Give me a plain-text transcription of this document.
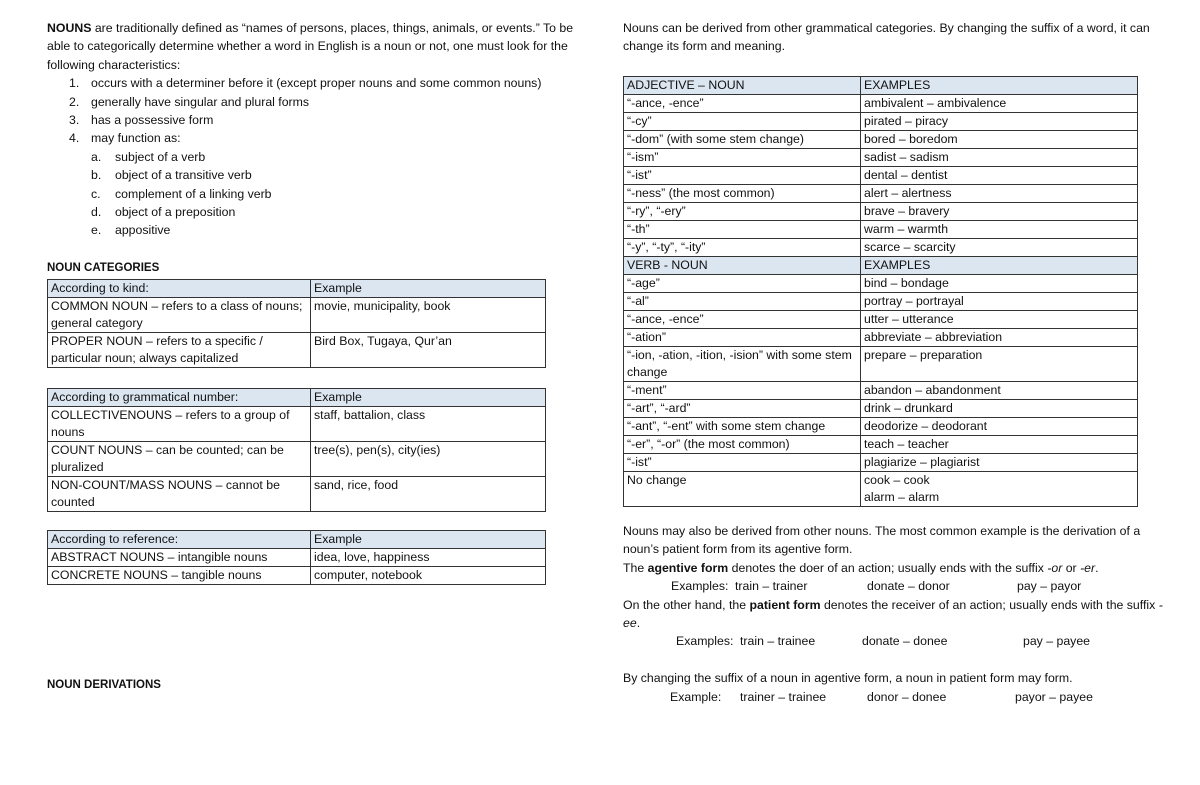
NOUNS are traditionally defined as “names of persons, places, things, animals, or events.” To be able to categorically determine whether a word in English is a noun or not, one must look for the following characteristics:

1. occurs with a determiner before it (except proper nouns and some common nouns)
2. generally have singular and plural forms
3. has a possessive form
4. may function as:
a. subject of a verb
b. object of a transitive verb
c. complement of a linking verb
d. object of a preposition
e. appositive
NOUN CATEGORIES
According to kind:	Example
COMMON NOUN – refers to a class of nouns; general category	movie, municipality, book
PROPER NOUN – refers to a specific / particular noun; always capitalized	Bird Box, Tugaya, Qur’an
According to grammatical number:	Example
COLLECTIVENOUNS – refers to a group of nouns	staff, battalion, class
COUNT NOUNS – can be counted; can be pluralized	tree(s), pen(s), city(ies)
NON-COUNT/MASS NOUNS – cannot be counted	sand, rice, food
According to reference:	Example
ABSTRACT NOUNS – intangible nouns	idea, love, happiness
CONCRETE NOUNS – tangible nouns	computer, notebook
NOUN DERIVATIONS

Nouns can be derived from other grammatical categories. By changing the suffix of a word, it can change its form and meaning.

ADJECTIVE – NOUN	EXAMPLES
“-ance, -ence”	ambivalent – ambivalence
“-cy”	pirated – piracy
“-dom” (with some stem change)	bored – boredom
“-ism”	sadist – sadism
“-ist”	dental – dentist
“-ness” (the most common)	alert – alertness
“-ry”, “-ery”	brave – bravery
“-th”	warm – warmth
“-y”, “-ty”, “-ity”	scarce – scarcity
VERB - NOUN	EXAMPLES
“-age”	bind – bondage
“-al”	portray – portrayal
“-ance, -ence”	utter – utterance
“-ation”	abbreviate – abbreviation
“-ion, -ation, -ition, -ision” with some stem change	prepare – preparation
“-ment”	abandon – abandonment
“-art”, “-ard”	drink – drunkard
“-ant”, “-ent” with some stem change	deodorize – deodorant
“-er”, “-or” (the most common)	teach – teacher
“-ist”	plagiarize – plagiarist
No change	cook – cook
alarm – alarm

Nouns may also be derived from other nouns. The most common example is the derivation of a noun’s patient form from its agentive form.

The agentive form denotes the doer of an action; usually ends with the suffix -or or -er.

Examples: train – trainer	donate – donor	pay – payor

On the other hand, the patient form denotes the receiver of an action; usually ends with the suffix -ee.

Examples: train – trainee	donate – donee	pay – payee

By changing the suffix of a noun in agentive form, a noun in patient form may form.

Example: trainer – trainee	donor – donee	payor – payee
